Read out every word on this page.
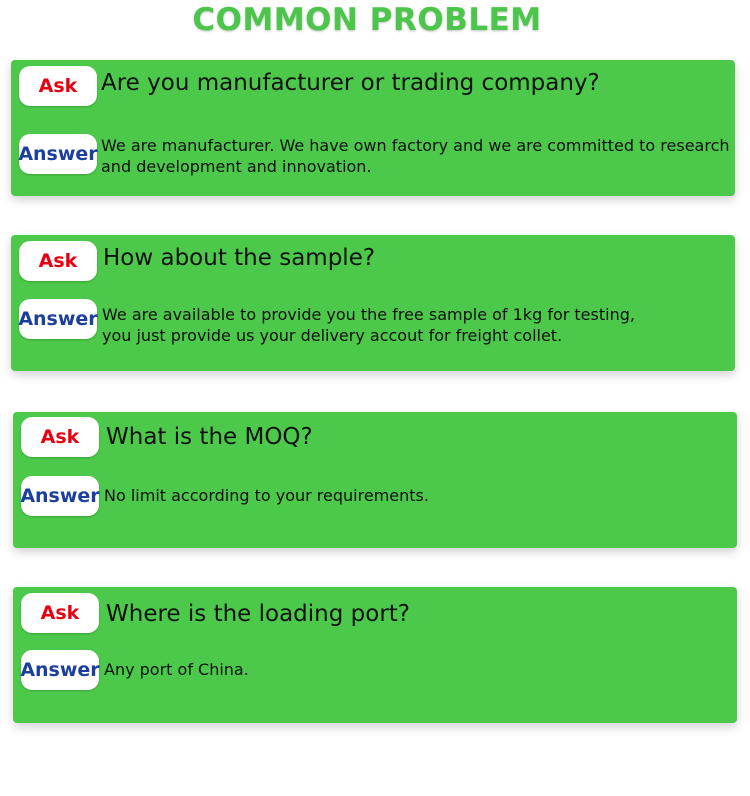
COMMON PROBLEM
Ask	Are you manufacturer or trading company?
Answer We are manufacturer. We have own factory and we are committed to research
and development and innovation.
Ask	How about the sample?
Answer We are available to provide you the free sample of 1kg for testing,
you just provide us your delivery accout for freight collet.
Ask	What is the MOQ?
Answer No limit according to your requirements.
Ask	Where is the loading port?
Answer Any port of China.
